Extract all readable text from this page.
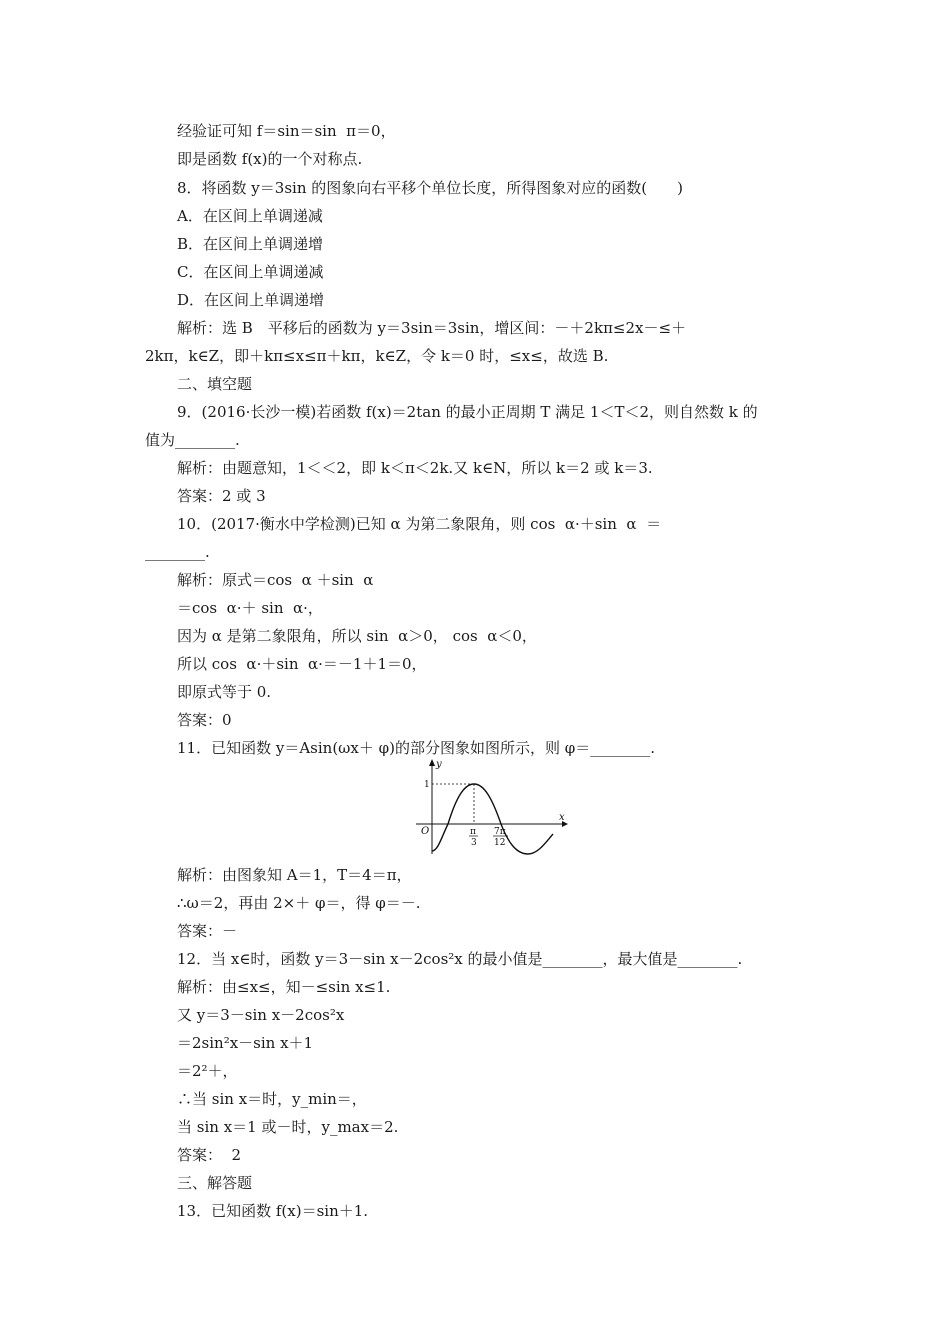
经验证可知 f＝sin＝sin  π＝0，
即是函数 f(x)的一个对称点.
8．将函数 y＝3sin 的图象向右平移个单位长度，所得图象对应的函数(　　)
A．在区间上单调递减
B．在区间上单调递增
C．在区间上单调递减
D．在区间上单调递增
解析：选 B　平移后的函数为 y＝3sin＝3sin，增区间：－＋2kπ≤2x－≤＋
2kπ，k∈Z，即＋kπ≤x≤π＋kπ，k∈Z，令 k＝0 时，≤x≤，故选 B.
二、填空题
9．(2016·长沙一模)若函数 f(x)＝2tan 的最小正周期 T 满足 1＜T＜2，则自然数 k 的
值为________.
解析：由题意知，1＜＜2，即 k＜π＜2k.又 k∈N，所以 k＝2 或 k＝3.
答案：2 或 3
10．(2017·衡水中学检测)已知 α 为第二象限角，则 cos  α·＋sin  α  ＝
________.
解析：原式＝cos  α ＋sin  α
＝cos  α·＋ sin  α·，
因为 α 是第二象限角，所以 sin  α＞0， cos  α＜0，
所以 cos  α·＋sin  α·＝－1＋1＝0，
即原式等于 0.
答案：0
11．已知函数 y＝Asin(ωx＋ φ)的部分图象如图所示，则 φ＝________.
y
x
O
1
π
3
7π
12
解析：由图象知 A＝1，T＝4＝π，
∴ω＝2，再由 2×＋ φ＝，得 φ＝－.
答案：－
12．当 x∈时，函数 y＝3－sin x－2cos²x 的最小值是________，最大值是________.
解析：由≤x≤，知－≤sin x≤1.
又 y＝3－sin x－2cos²x
＝2sin²x－sin x＋1
＝2²＋，
∴当 sin x＝时，y_min＝，
当 sin x＝1 或－时，y_max＝2.
答案：  2
三、解答题
13．已知函数 f(x)＝sin＋1.
